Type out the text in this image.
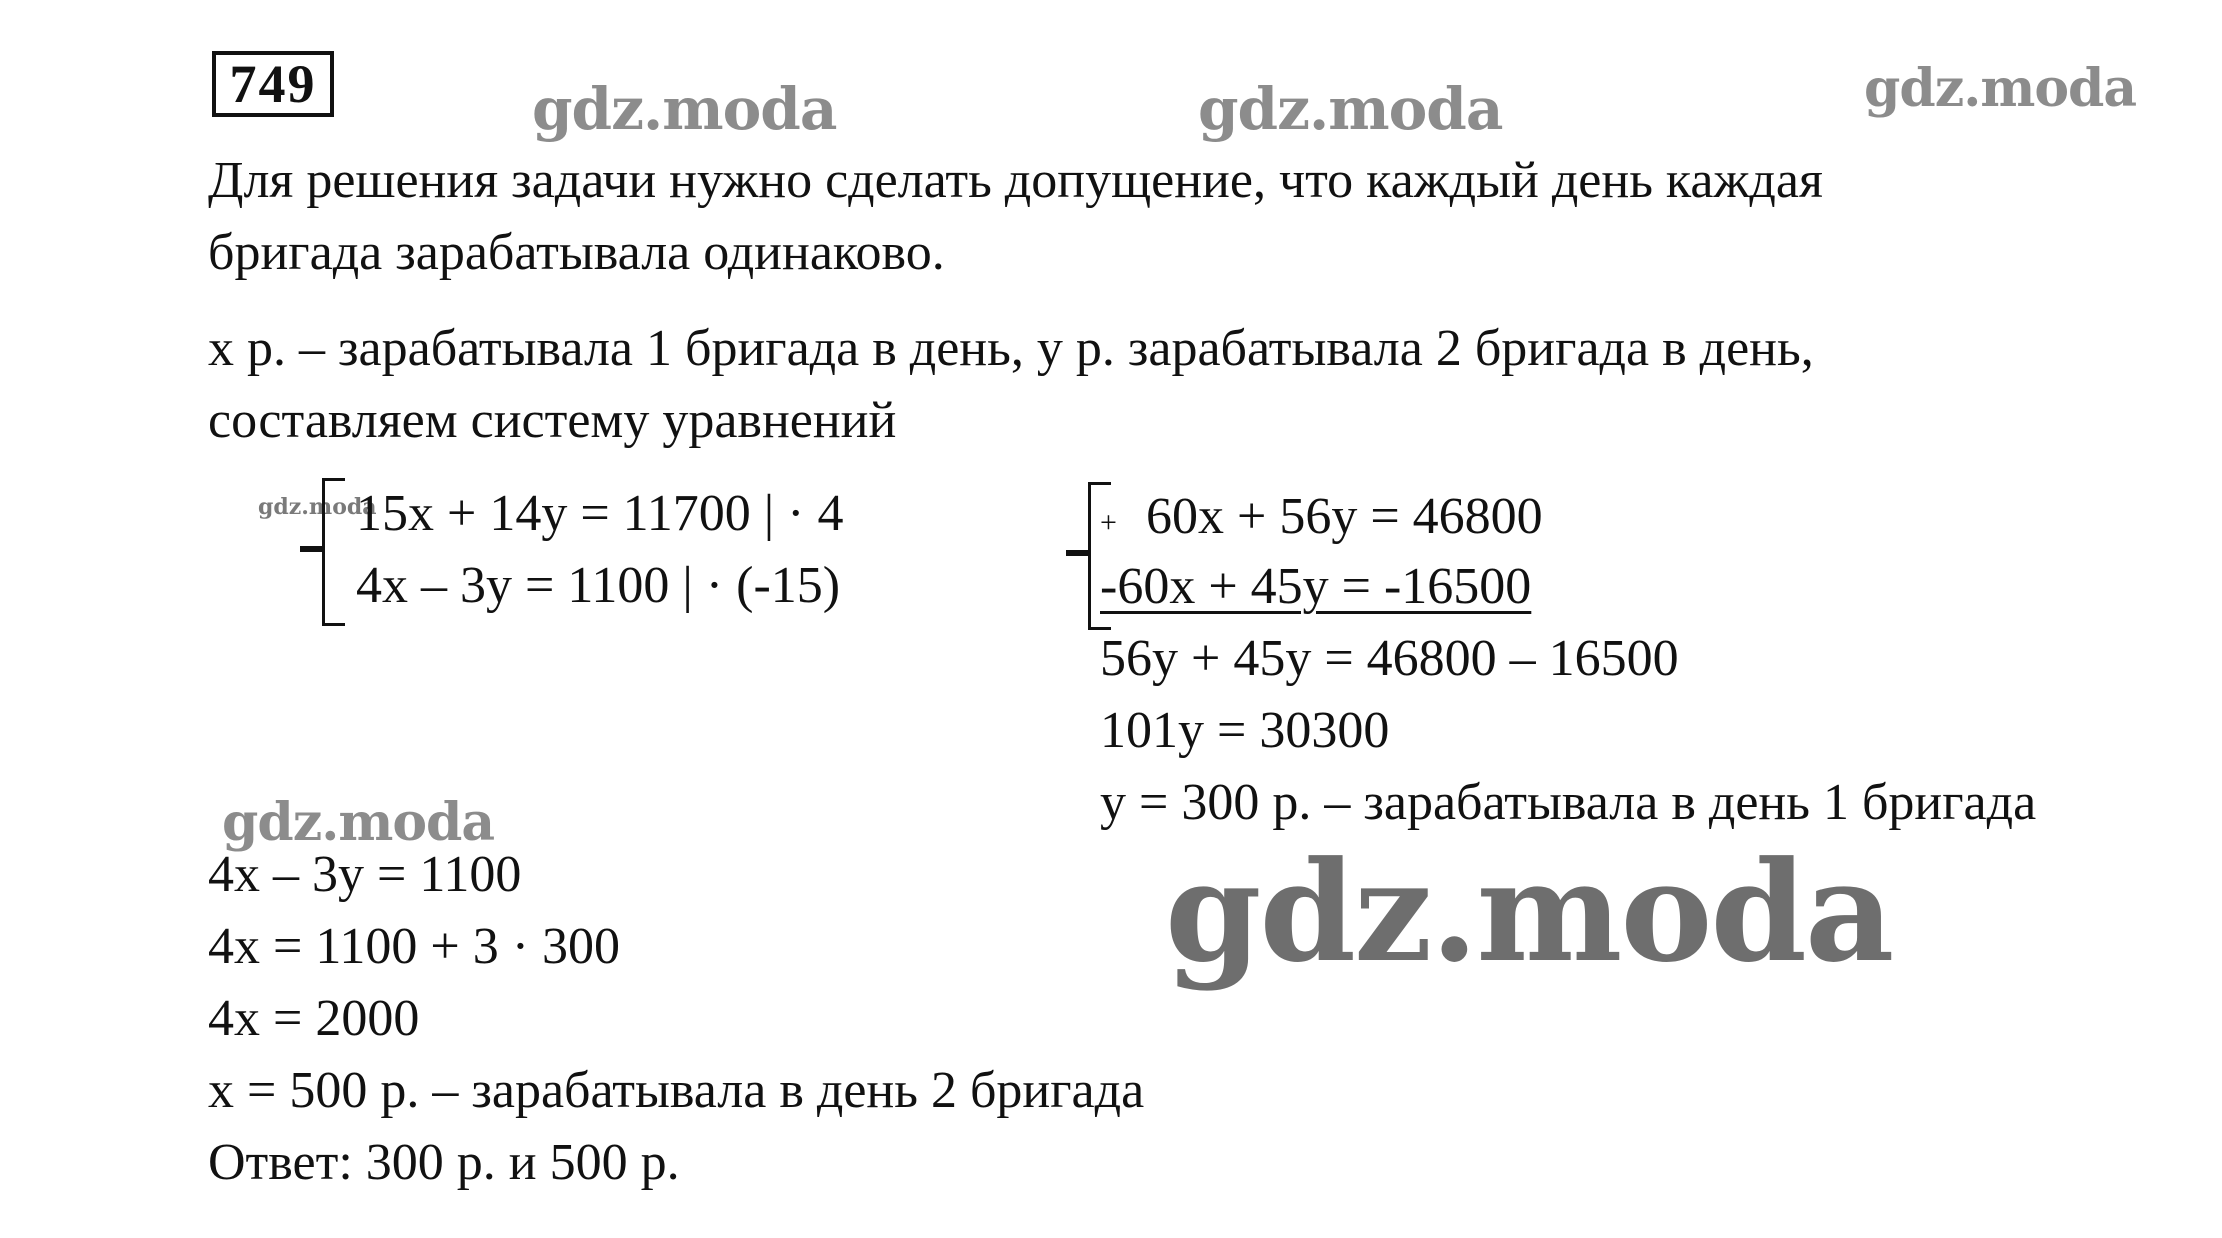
749	gdz.moda	gdz.moda	gdz.moda
gdz.moda
gdz.moda
gdz.moda
Для решения задачи нужно сделать допущение, что каждый день каждая
бригада зарабатывала одинаково.
x р. – зарабатывала 1 бригада в день, y р. зарабатывала 2 бригада в день,
составляем систему уравнений
15x + 14y = 11700 | · 4
4x – 3y = 1100 | · (-15)
+ 60x + 56y = 46800
-60x + 45y = -16500
56y + 45y = 46800 – 16500
101y = 30300
y = 300 р. – зарабатывала в день 1 бригада
4x – 3y = 1100
4x = 1100 + 3 · 300
4x = 2000
x = 500 р. – зарабатывала в день 2 бригада
Ответ: 300 р. и 500 р.
